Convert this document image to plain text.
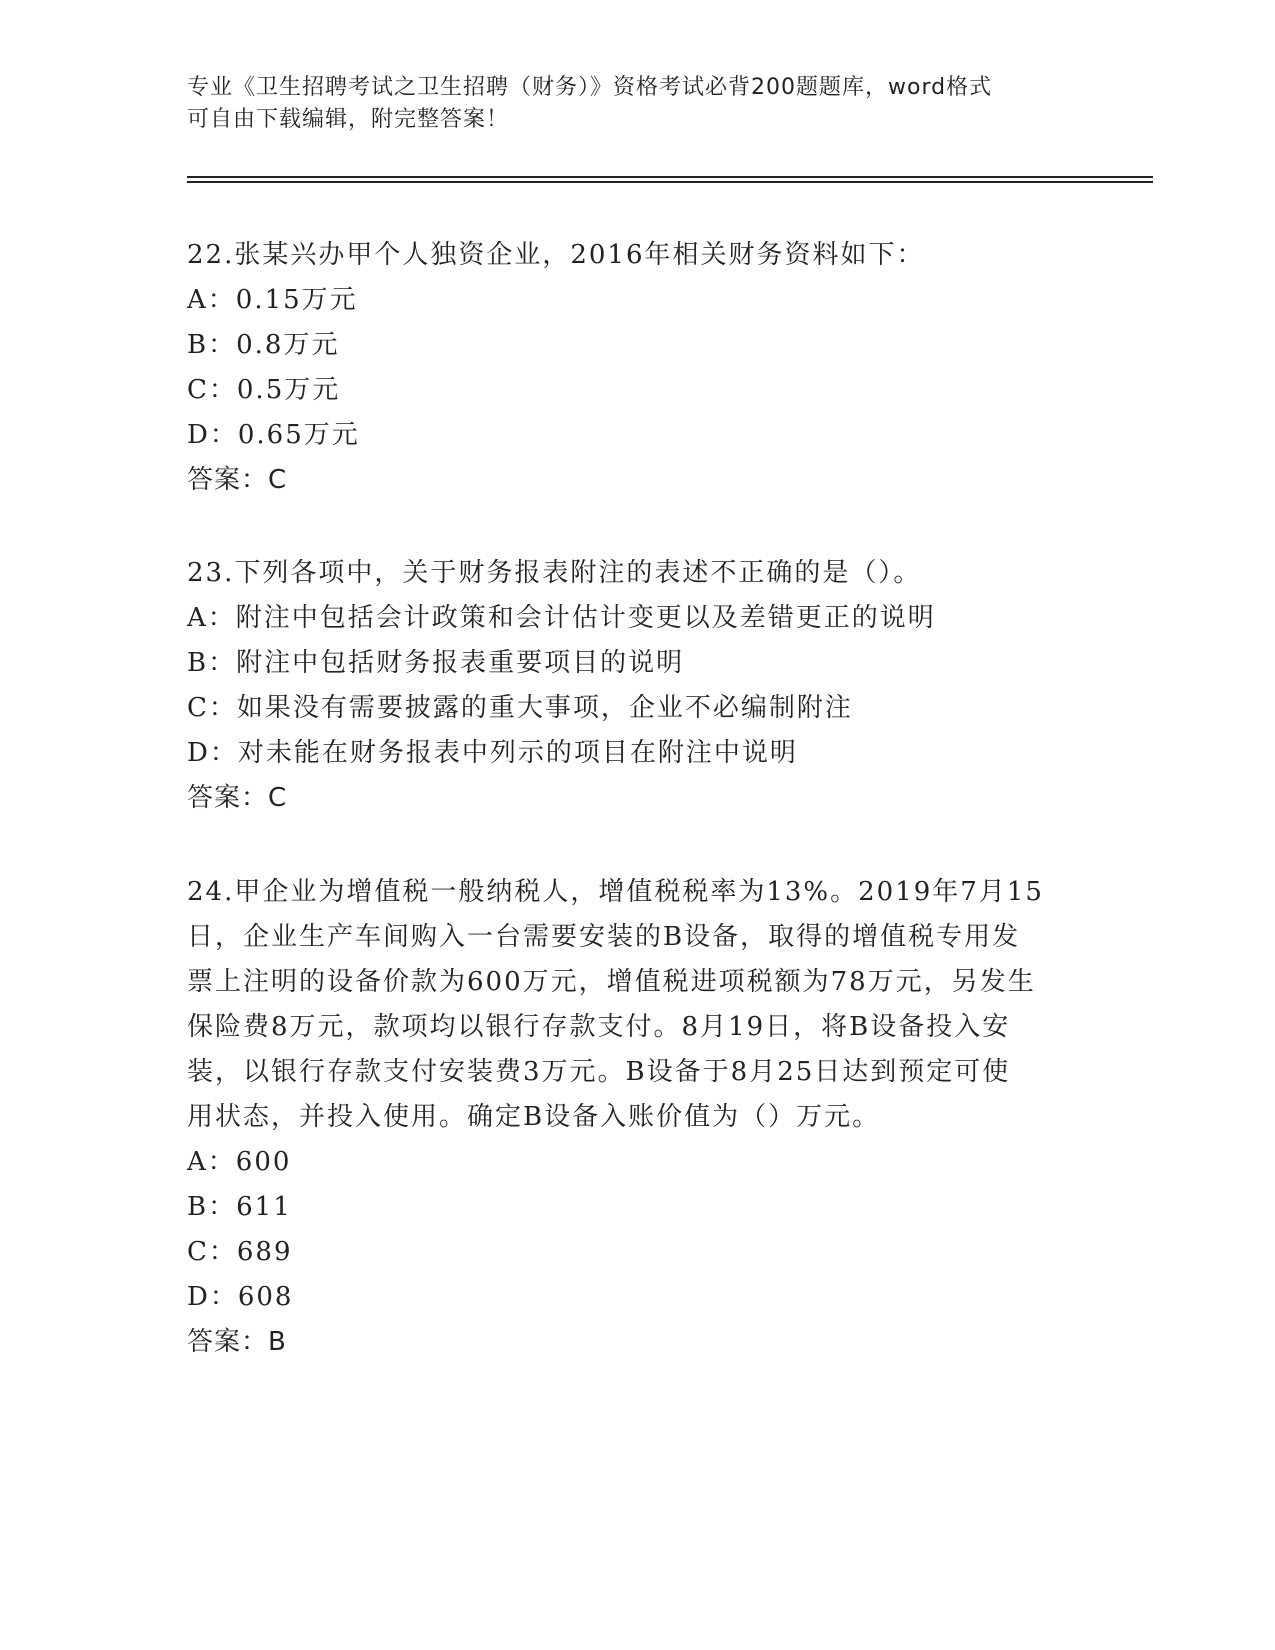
专业《卫生招聘考试之卫生招聘（财务）》资格考试必背200题题库，word格式
可自由下载编辑，附完整答案！
22.张某兴办甲个人独资企业，2016年相关财务资料如下：
A：0.15万元
B：0.8万元
C：0.5万元
D：0.65万元
答案：C
23.下列各项中，关于财务报表附注的表述不正确的是（）。
A：附注中包括会计政策和会计估计变更以及差错更正的说明
B：附注中包括财务报表重要项目的说明
C：如果没有需要披露的重大事项，企业不必编制附注
D：对未能在财务报表中列示的项目在附注中说明
答案：C
24.甲企业为增值税一般纳税人，增值税税率为13%。2019年7月15
日，企业生产车间购入一台需要安装的B设备，取得的增值税专用发
票上注明的设备价款为600万元，增值税进项税额为78万元，另发生
保险费8万元，款项均以银行存款支付。8月19日，将B设备投入安
装，以银行存款支付安装费3万元。B设备于8月25日达到预定可使
用状态，并投入使用。确定B设备入账价值为（）万元。
A：600
B：611
C：689
D：608
答案：B
